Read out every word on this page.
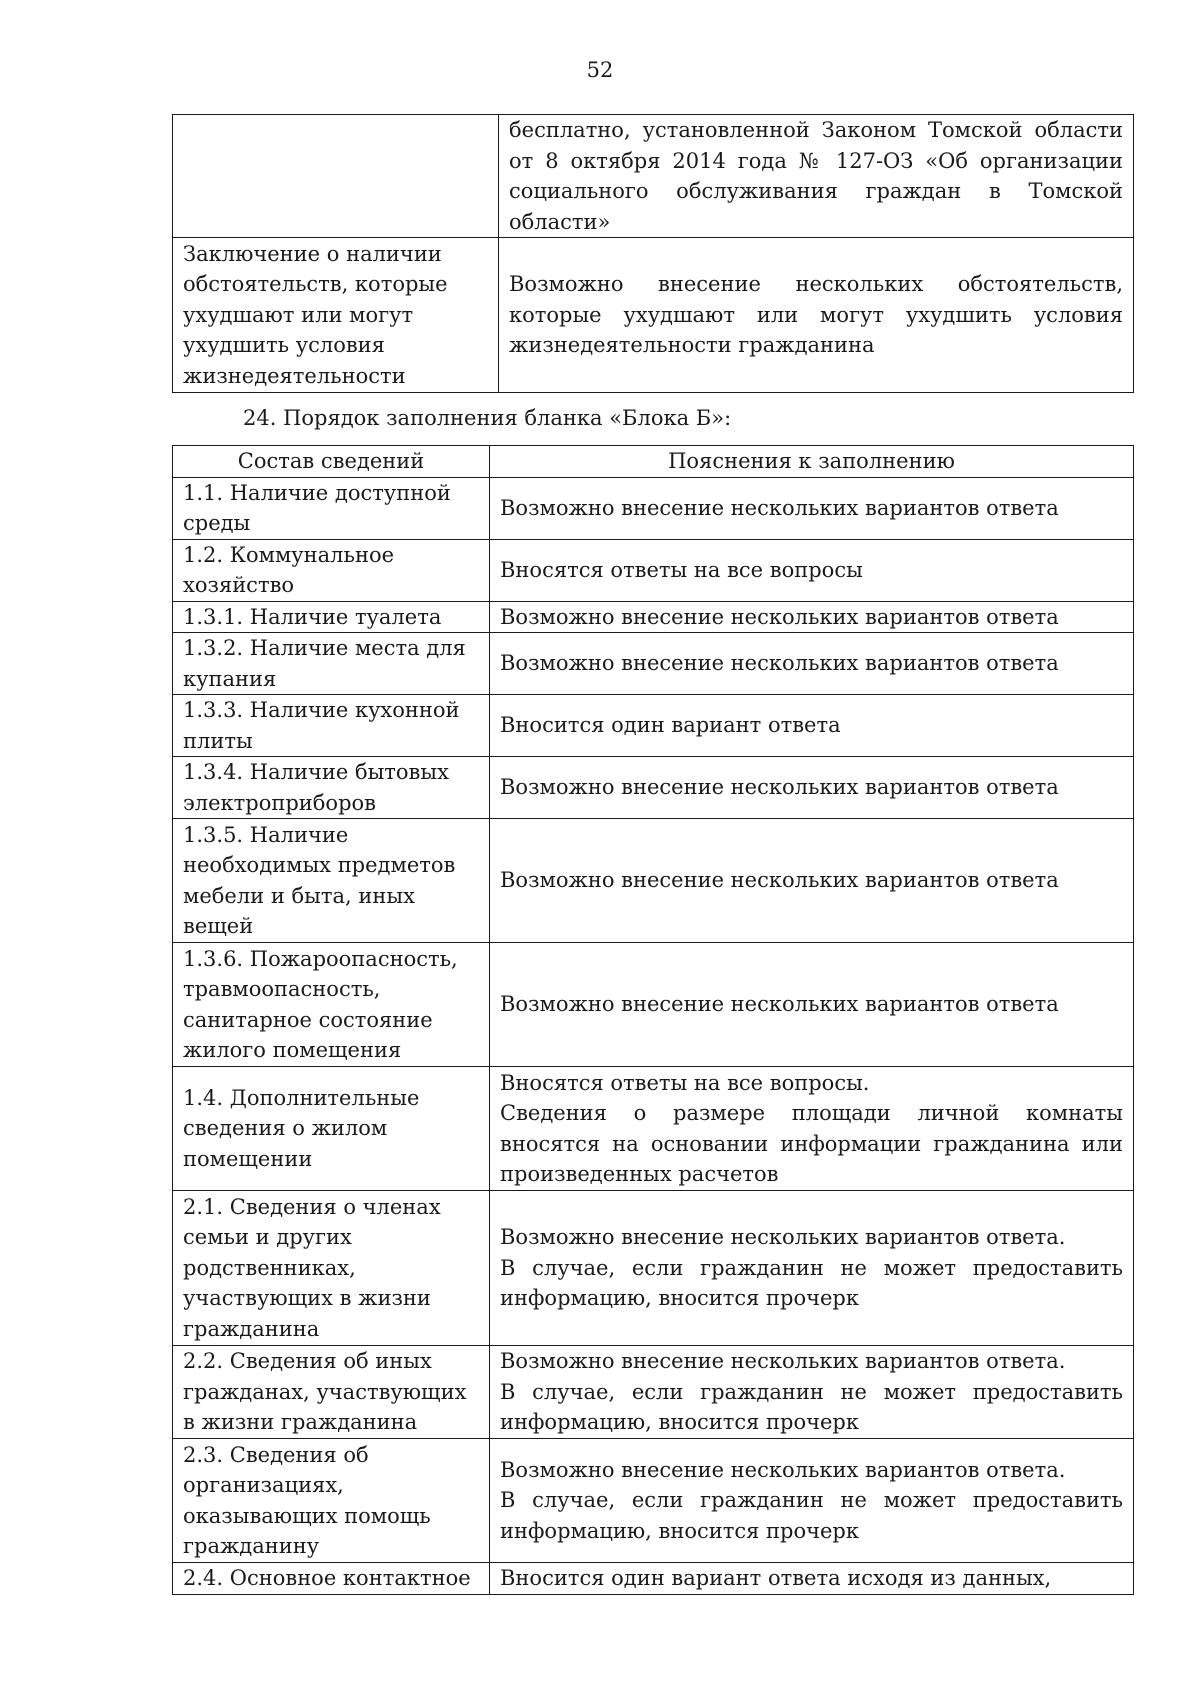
52
	бесплатно, установленной Законом Томской области от 8 октября 2014 года № 127-ОЗ «Об организации социального обслуживания граждан в Томской области»
Заключение о наличии обстоятельств, которые ухудшают или могут ухудшить условия жизнедеятельности	Возможно внесение нескольких обстоятельств, которые ухудшают или могут ухудшить условия жизнедеятельности гражданина
24. Порядок заполнения бланка «Блока Б»:
Состав сведений	Пояснения к заполнению
1.1. Наличие доступной среды	Возможно внесение нескольких вариантов ответа

1.2. Коммунальное хозяйство	Вносятся ответы на все вопросы

1.3.1. Наличие туалета	Возможно внесение нескольких вариантов ответа

1.3.2. Наличие места для купания	Возможно внесение нескольких вариантов ответа

1.3.3. Наличие кухонной плиты	Вносится один вариант ответа

1.3.4. Наличие бытовых электроприборов	Возможно внесение нескольких вариантов ответа

1.3.5. Наличие необходимых предметов мебели и быта, иных вещей	Возможно внесение нескольких вариантов ответа

1.3.6. Пожароопасность, травмоопасность, санитарное состояние жилого помещения	Возможно внесение нескольких вариантов ответа

1.4. Дополнительные сведения о жилом помещении	Вносятся ответы на все вопросы.
Сведения о размере площади личной комнаты вносятся на основании информации гражданина или произведенных расчетов

2.1. Сведения о членах семьи и других родственниках, участвующих в жизни гражданина	Возможно внесение нескольких вариантов ответа.
В случае, если гражданин не может предоставить информацию, вносится прочерк

2.2. Сведения об иных гражданах, участвующих в жизни гражданина	Возможно внесение нескольких вариантов ответа.
В случае, если гражданин не может предоставить информацию, вносится прочерк

2.3. Сведения об организациях, оказывающих помощь гражданину	Возможно внесение нескольких вариантов ответа.
В случае, если гражданин не может предоставить информацию, вносится прочерк

2.4. Основное контактное	Вносится один вариант ответа исходя из данных,
